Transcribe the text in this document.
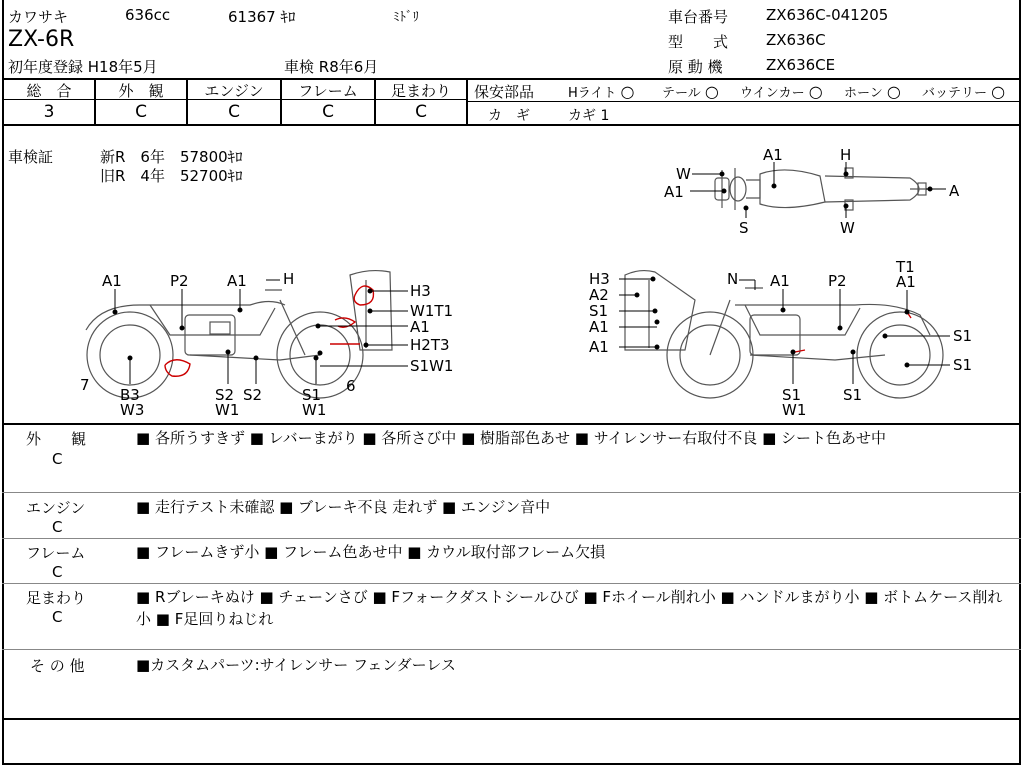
カワサキ	636cc	61367 ｷﾛ	ﾐﾄﾞﾘ
ZX-6R
初年度登録 H18年5月	車検 R8年6月
車台番号	ZX636C-041205
型　　式	ZX636C
原 動 機	ZX636CE
総　合	外　観	エンジン	フレーム	足まわり
3	C	C	C	C
保安部品	Hライト ○ テール ○ ウインカー ○ ホーン ○ バッテリー ○
カ　ギ	カギ 1
車検証	新R　6年　57800ｷﾛ
旧R　4年　52700ｷﾛ	W
A1
A1	H
A
S	W
A1	P2	A1 H
H3
W1T1
A1
H2T3
S1W1
7
B3
W3
S2
W1
S2	S1
W1
6
H3
A2
S1
A1
A1
N A1	P2
T1
A1
S1
S1
S1
W1
S1
外　　観
C
■ 各所うすきず ■ レバーまがり ■ 各所さび中 ■ 樹脂部色あせ ■ サイレンサー右取付不良 ■ シート色あせ中
エンジン
C
■ 走行テスト未確認 ■ ブレーキ不良 走れず ■ エンジン音中
フレーム
C
■ フレームきず小 ■ フレーム色あせ中 ■ カウル取付部フレーム欠損
足まわり
C
■ Rブレーキぬけ ■ チェーンさび ■ Fフォークダストシールひび ■ Fホイール削れ小 ■ ハンドルまがり小 ■ ボトムケース削れ小 ■ F足回りねじれ
そ の 他	■カスタムパーツ:サイレンサー フェンダーレス
